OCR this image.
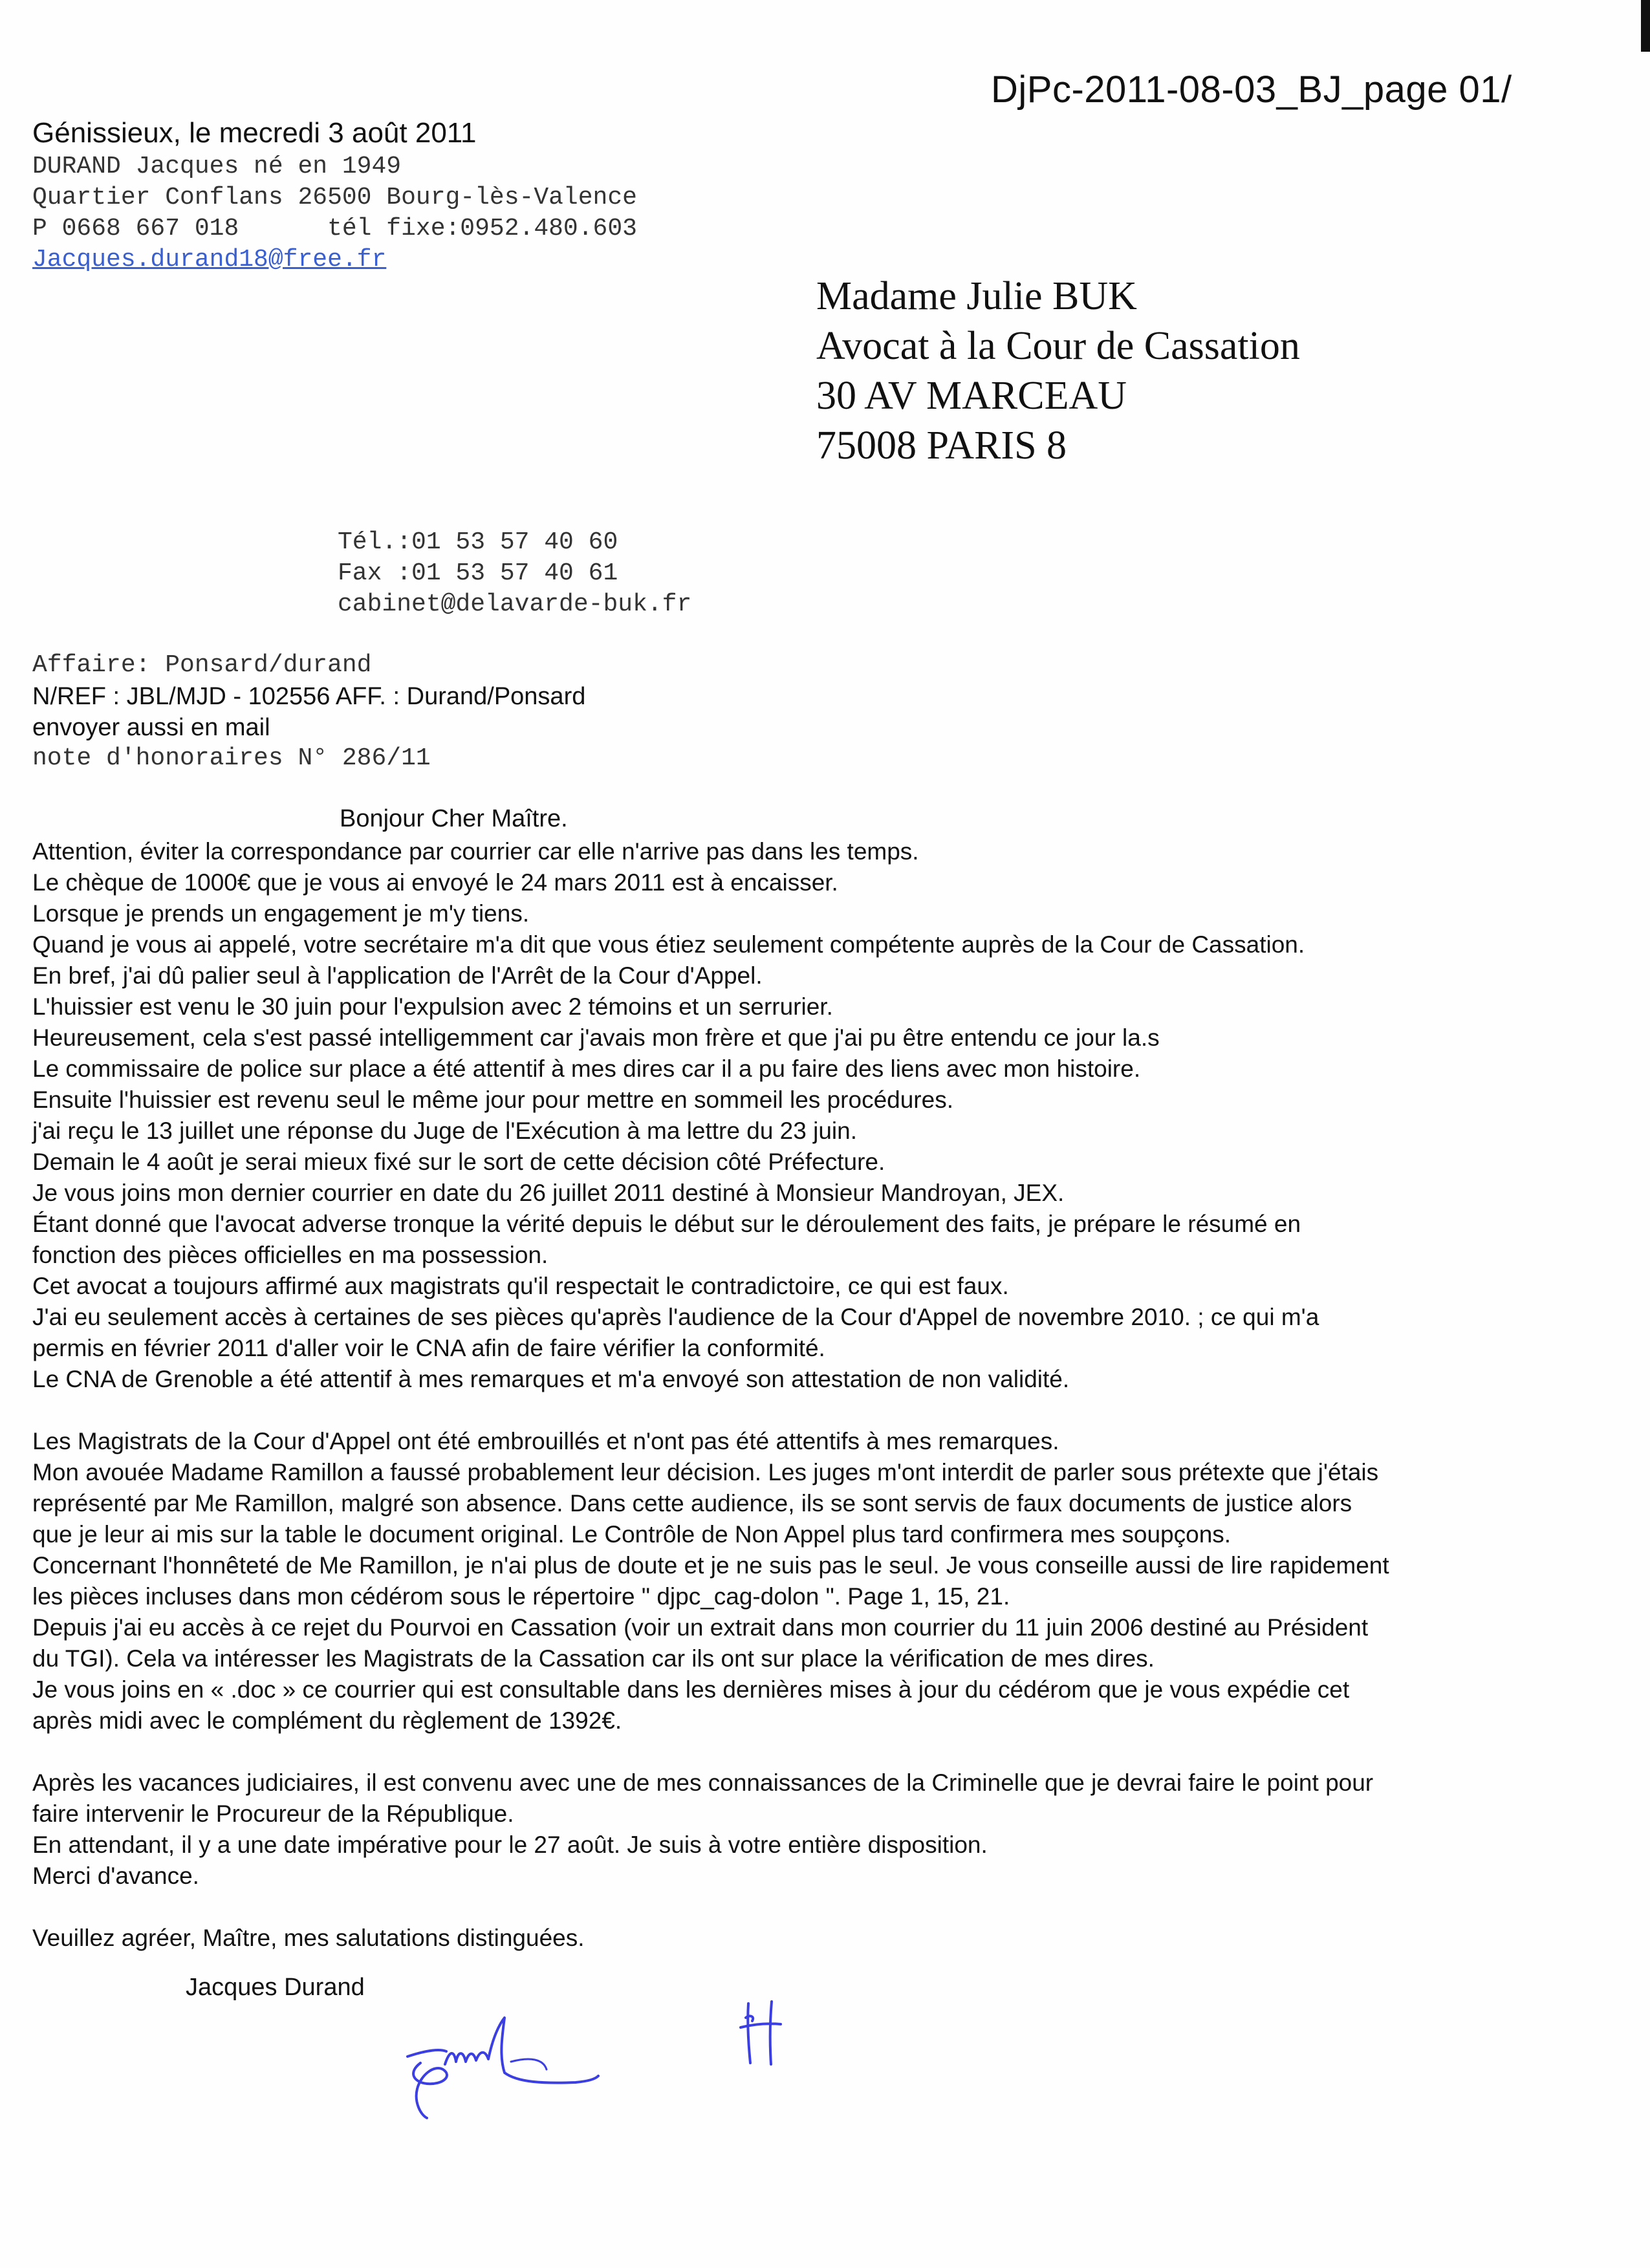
DjPc-2011-08-03_BJ_page 01/
Génissieux, le mecredi 3 août 2011
DURAND Jacques né en 1949
Quartier Conflans 26500 Bourg-lès-Valence
P 0668 667 018      tél fixe:0952.480.603
Jacques.durand18@free.fr
Madame Julie BUK
Avocat à la Cour de Cassation
30 AV MARCEAU
75008 PARIS 8
Tél.:01 53 57 40 60
Fax :01 53 57 40 61
cabinet@delavarde-buk.fr
Affaire: Ponsard/durand
N/REF : JBL/MJD - 102556 AFF. : Durand/Ponsard
envoyer aussi en mail
note d'honoraires N° 286/11
Bonjour Cher Maître.

Attention, éviter la correspondance par courrier car elle n'arrive pas dans les temps.

Le chèque de 1000€ que je vous ai envoyé le 24 mars 2011 est à encaisser.

Lorsque je prends un engagement je m'y tiens.

Quand je vous ai appelé, votre secrétaire m'a dit que vous étiez seulement compétente auprès de la Cour de Cassation.

En bref, j'ai dû palier seul à l'application de l'Arrêt de la Cour d'Appel.

L'huissier est venu le 30 juin pour l'expulsion avec 2 témoins et un serrurier.

Heureusement, cela s'est passé intelligemment car j'avais mon frère et que j'ai pu être entendu ce jour la.s

Le commissaire de police sur place a été attentif à mes dires car il a pu faire des liens avec mon histoire.

Ensuite l'huissier est revenu seul le même jour pour mettre en sommeil les procédures.

j'ai reçu le 13 juillet une réponse du Juge de l'Exécution à ma lettre du 23 juin.

Demain le 4 août je serai mieux fixé sur le sort de cette décision côté Préfecture.

Je vous joins mon dernier courrier en date du 26 juillet 2011 destiné à Monsieur Mandroyan, JEX.

Étant donné que l'avocat adverse tronque la vérité depuis le début sur le déroulement des faits, je prépare le résumé en

fonction des pièces officielles en ma possession.

Cet avocat a toujours affirmé aux magistrats qu'il respectait le contradictoire, ce qui est faux.

J'ai eu seulement accès à certaines de ses pièces qu'après l'audience de la Cour d'Appel de novembre 2010. ; ce qui m'a

permis en février 2011 d'aller voir le CNA afin de faire vérifier la conformité.

Le CNA de Grenoble a été attentif à mes remarques et m'a envoyé son attestation de non validité.

Les Magistrats de la Cour d'Appel ont été embrouillés et n'ont pas été attentifs à mes remarques.

Mon avouée Madame Ramillon a faussé probablement leur décision. Les juges m'ont interdit de parler sous prétexte que j'étais

représenté par Me Ramillon, malgré son absence. Dans cette audience, ils se sont servis de faux documents de justice alors

que je leur ai mis sur la table le document original. Le Contrôle de Non Appel plus tard confirmera mes soupçons.

Concernant l'honnêteté de Me Ramillon, je n'ai plus de doute et je ne suis pas le seul. Je vous conseille aussi de lire rapidement

les pièces incluses dans mon cédérom sous le répertoire " djpc_cag-dolon ". Page 1, 15, 21.

Depuis j'ai eu accès à ce rejet du Pourvoi en Cassation (voir un extrait dans mon courrier du 11 juin 2006 destiné au Président

du TGI). Cela va intéresser les Magistrats de la Cassation car ils ont sur place la vérification de mes dires.

Je vous joins en « .doc » ce courrier qui est consultable dans les dernières mises à jour du cédérom que je vous expédie cet

après midi avec le complément du règlement de 1392€.

Après les vacances judiciaires, il est convenu avec une de mes connaissances de la Criminelle que je devrai faire le point pour

faire intervenir le Procureur de la République.

En attendant, il y a une date impérative pour le 27 août. Je suis à votre entière disposition.

Merci d'avance.

Veuillez agréer, Maître, mes salutations distinguées.

Jacques Durand
